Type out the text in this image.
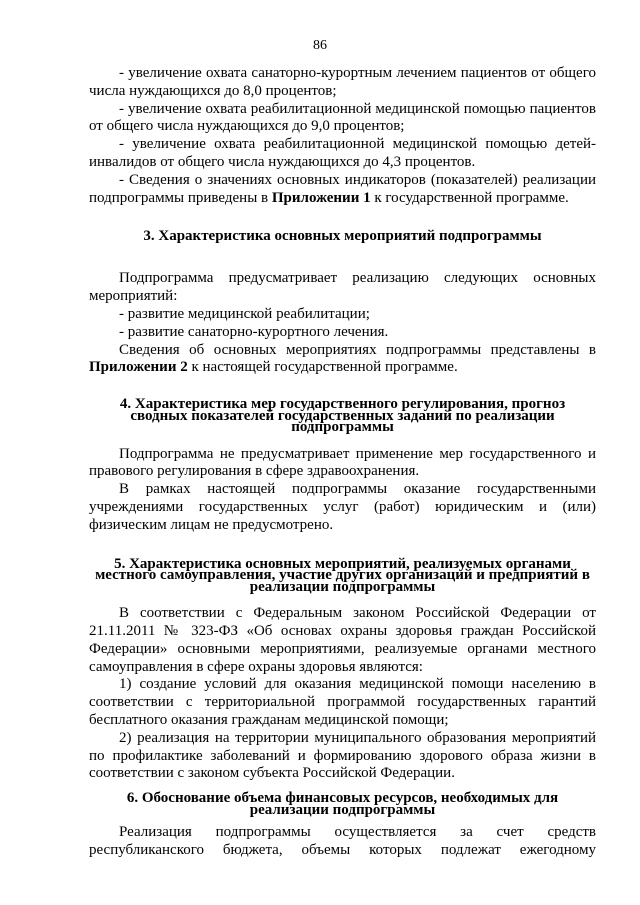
86

- увеличение охвата санаторно-курортным лечением пациентов от общего числа нуждающихся до 8,0 процентов;

- увеличение охвата реабилитационной медицинской помощью пациентов от общего числа нуждающихся до 9,0 процентов;

- увеличение охвата реабилитационной медицинской помощью детей-инвалидов от общего числа нуждающихся до 4,3 процентов.

- Сведения о значениях основных индикаторов (показателей) реализации подпрограммы приведены в Приложении 1 к государственной программе.

3. Характеристика основных мероприятий подпрограммы

Подпрограмма предусматривает реализацию следующих основных мероприятий:

- развитие медицинской реабилитации;

- развитие санаторно-курортного лечения.

Сведения об основных мероприятиях подпрограммы представлены в Приложении 2 к настоящей государственной программе.

4. Характеристика мер государственного регулирования, прогноз
сводных показателей государственных заданий по реализации
подпрограммы

Подпрограмма не предусматривает применение мер государственного и правового регулирования в сфере здравоохранения.

В рамках настоящей подпрограммы оказание государственными учреждениями государственных услуг (работ) юридическим и (или) физическим лицам не предусмотрено.

5. Характеристика основных мероприятий, реализуемых органами
местного самоуправления, участие других организаций и предприятий в
реализации подпрограммы

В соответствии с Федеральным законом Российской Федерации от 21.11.2011 № 323-ФЗ «Об основах охраны здоровья граждан Российской Федерации» основными мероприятиями, реализуемые органами местного самоуправления в сфере охраны здоровья являются:

1) создание условий для оказания медицинской помощи населению в соответствии с территориальной программой государственных гарантий бесплатного оказания гражданам медицинской помощи;

2) реализация на территории муниципального образования мероприятий по профилактике заболеваний и формированию здорового образа жизни в соответствии с законом субъекта Российской Федерации.

6. Обоснование объема финансовых ресурсов, необходимых для
реализации подпрограммы

Реализация подпрограммы осуществляется за счет средств республиканского бюджета, объемы которых подлежат ежегодному
